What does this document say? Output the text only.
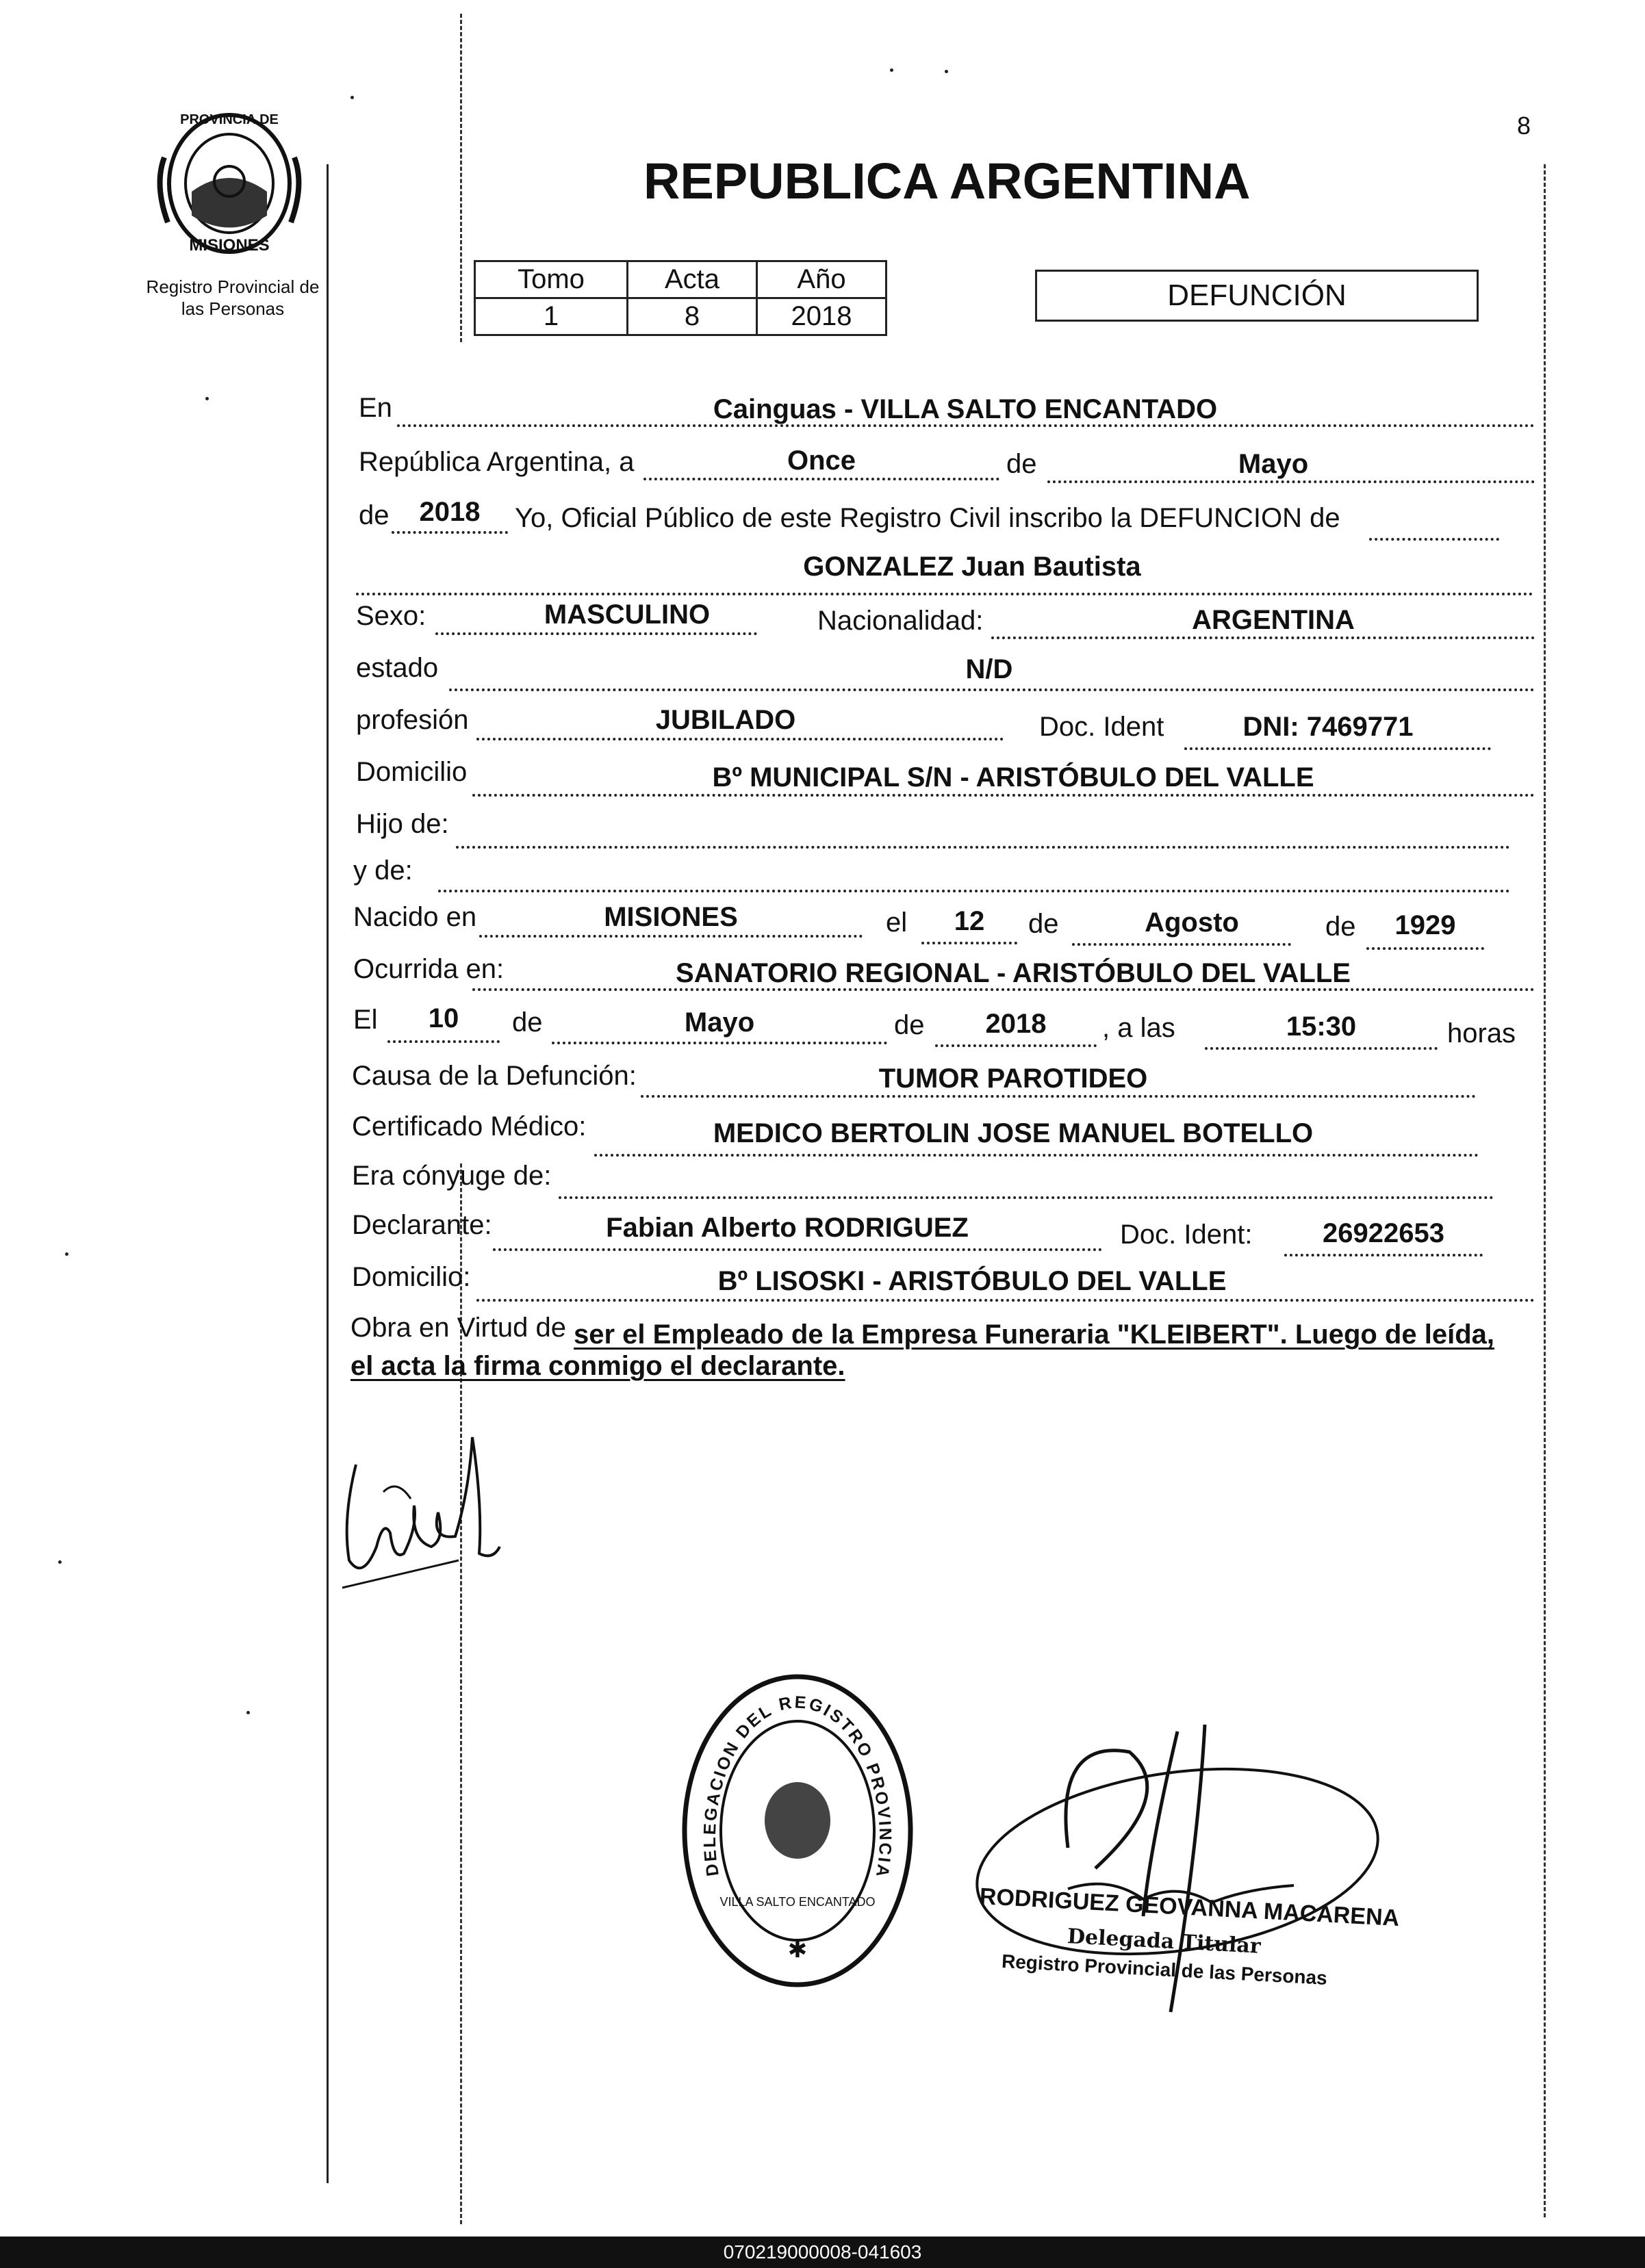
PROVINCIA DE
MISIONES
Registro Provincial de
las Personas
REPUBLICA ARGENTINA
8
Tomo	Acta	Año
1	8	2018
DEFUNCIÓN
En	Cainguas - VILLA SALTO ENCANTADO
República Argentina, a	Once	de	Mayo
de	2018	Yo, Oficial Público de este Registro Civil inscribo la DEFUNCION de
GONZALEZ Juan Bautista
Sexo:	MASCULINO	Nacionalidad:	ARGENTINA
estado	N/D
profesión	JUBILADO	Doc. Ident	DNI: 7469771
Domicilio	Bº MUNICIPAL S/N - ARISTÓBULO DEL VALLE
Hijo de:
y de:
Nacido en	MISIONES	el	12	de	Agosto	de	1929
Ocurrida en:	SANATORIO REGIONAL - ARISTÓBULO DEL VALLE
El	10	de	Mayo	de	2018	, a las	15:30	horas
Causa de la Defunción:	TUMOR PAROTIDEO
Certificado Médico:	MEDICO BERTOLIN JOSE MANUEL BOTELLO
Era cónyuge de:
Declarante:	Fabian Alberto RODRIGUEZ	Doc. Ident:	26922653
Domicilio:	Bº LISOSKI - ARISTÓBULO DEL VALLE
Obra en Virtud de ser el Empleado de la Empresa Funeraria "KLEIBERT". Luego de leída,
el acta la firma conmigo el declarante.
DELEGACION DEL REGISTRO PROVINCIA
VILLA SALTO ENCANTADO
✱
RODRIGUEZ GEOVANNA MACARENA
Delegada Titular
Registro Provincial de las Personas
070219000008-041603
